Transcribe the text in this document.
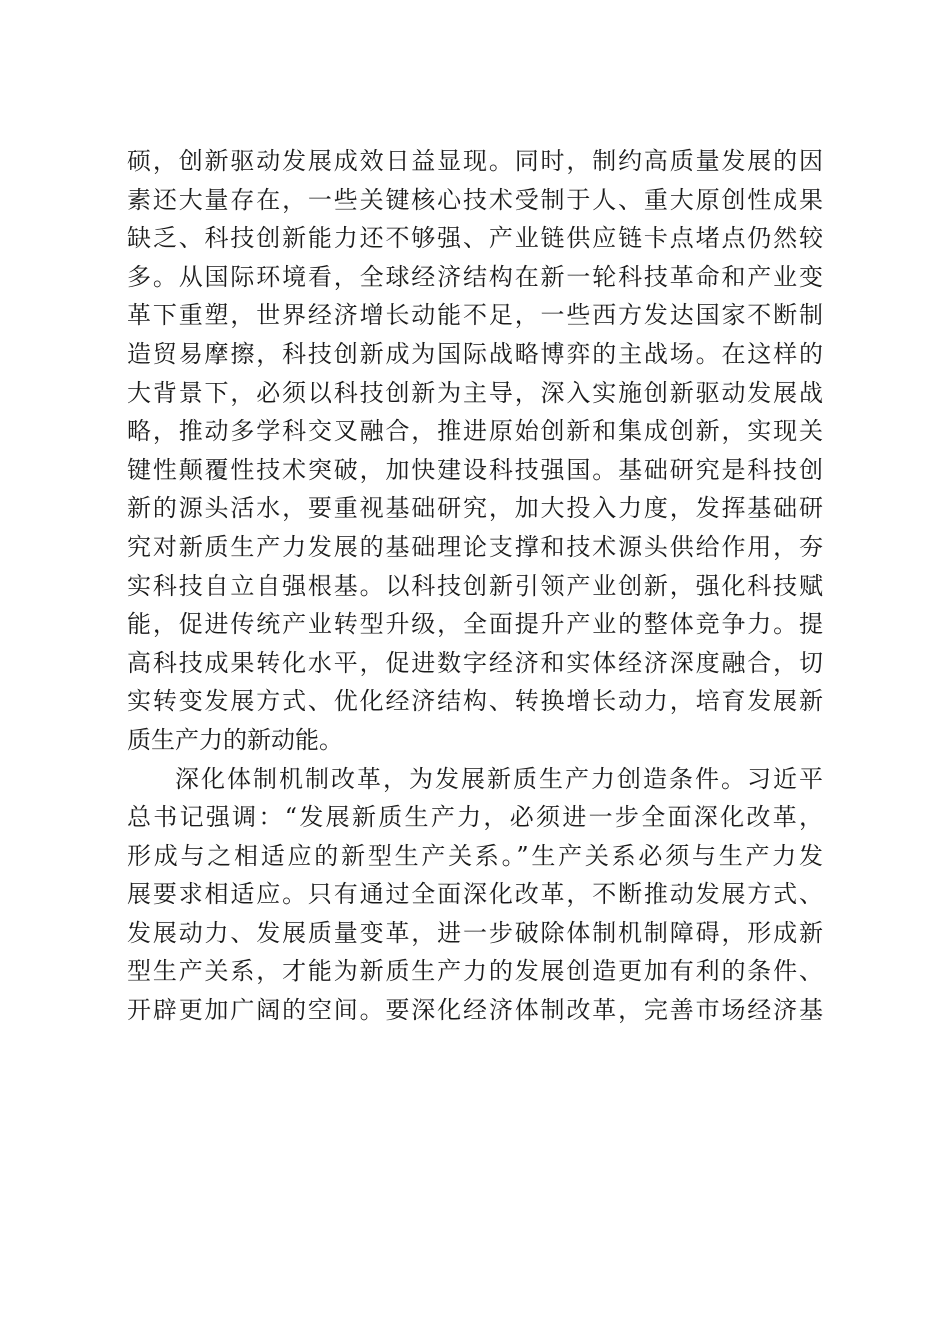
硕，创新驱动发展成效日益显现。同时，制约高质量发展的因
素还大量存在，一些关键核心技术受制于人、重大原创性成果
缺乏、科技创新能力还不够强、产业链供应链卡点堵点仍然较
多。从国际环境看，全球经济结构在新一轮科技革命和产业变
革下重塑，世界经济增长动能不足，一些西方发达国家不断制
造贸易摩擦，科技创新成为国际战略博弈的主战场。在这样的
大背景下，必须以科技创新为主导，深入实施创新驱动发展战
略，推动多学科交叉融合，推进原始创新和集成创新，实现关
键性颠覆性技术突破，加快建设科技强国。基础研究是科技创
新的源头活水，要重视基础研究，加大投入力度，发挥基础研
究对新质生产力发展的基础理论支撑和技术源头供给作用，夯
实科技自立自强根基。以科技创新引领产业创新，强化科技赋
能，促进传统产业转型升级，全面提升产业的整体竞争力。提
高科技成果转化水平，促进数字经济和实体经济深度融合，切
实转变发展方式、优化经济结构、转换增长动力，培育发展新
质生产力的新动能。
深化体制机制改革，为发展新质生产力创造条件。习近平
总书记强调：“发展新质生产力，必须进一步全面深化改革，
形成与之相适应的新型生产关系。”生产关系必须与生产力发
展要求相适应。只有通过全面深化改革，不断推动发展方式、
发展动力、发展质量变革，进一步破除体制机制障碍，形成新
型生产关系，才能为新质生产力的发展创造更加有利的条件、
开辟更加广阔的空间。要深化经济体制改革，完善市场经济基
